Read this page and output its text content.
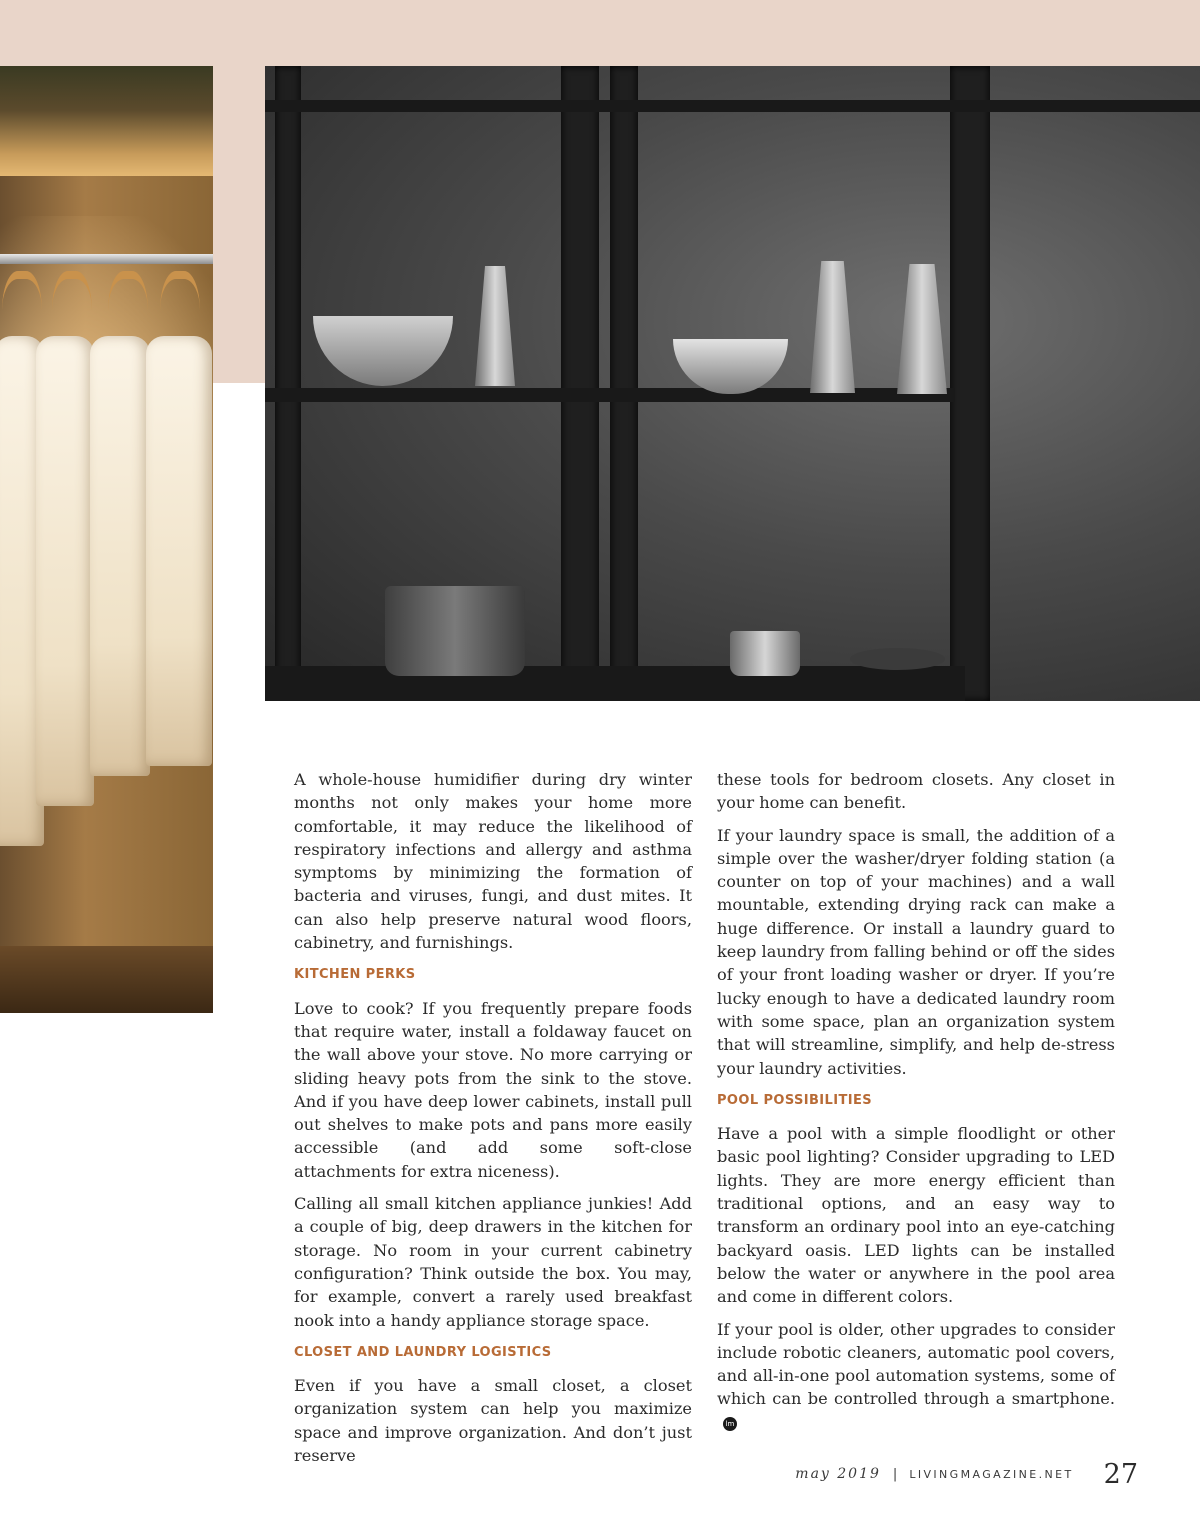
A whole-house humidifier during dry winter months not only makes your home more comfortable, it may reduce the likelihood of respiratory infections and allergy and asthma symptoms by minimizing the formation of bacteria and viruses, fungi, and dust mites. It can also help preserve natural wood floors, cabinetry, and furnishings.

KITCHEN PERKS

Love to cook? If you frequently prepare foods that require water, install a foldaway faucet on the wall above your stove. No more carrying or sliding heavy pots from the sink to the stove. And if you have deep lower cabinets, install pull out shelves to make pots and pans more easily accessible (and add some soft-close attachments for extra niceness).

Calling all small kitchen appliance junkies! Add a couple of big, deep drawers in the kitchen for storage. No room in your current cabinetry configuration? Think outside the box. You may, for example, convert a rarely used breakfast nook into a handy appliance storage space.

CLOSET AND LAUNDRY LOGISTICS

Even if you have a small closet, a closet organization system can help you maximize space and improve organization. And don’t just reserve

these tools for bedroom closets. Any closet in your home can benefit.

If your laundry space is small, the addition of a simple over the washer/dryer folding station (a counter on top of your machines) and a wall mountable, extending drying rack can make a huge difference. Or install a laundry guard to keep laundry from falling behind or off the sides of your front loading washer or dryer. If you’re lucky enough to have a dedicated laundry room with some space, plan an organization system that will streamline, simplify, and help de-stress your laundry activities.

POOL POSSIBILITIES

Have a pool with a simple floodlight or other basic pool lighting? Consider upgrading to LED lights. They are more energy efficient than traditional options, and an easy way to transform an ordinary pool into an eye-catching backyard oasis. LED lights can be installed below the water or anywhere in the pool area and come in different colors.

If your pool is older, other upgrades to consider include robotic cleaners, automatic pool covers, and all-in-one pool automation systems, some of which can be controlled through a smartphone.lm

may 2019 | LIVINGMAGAZINE.NET 27
